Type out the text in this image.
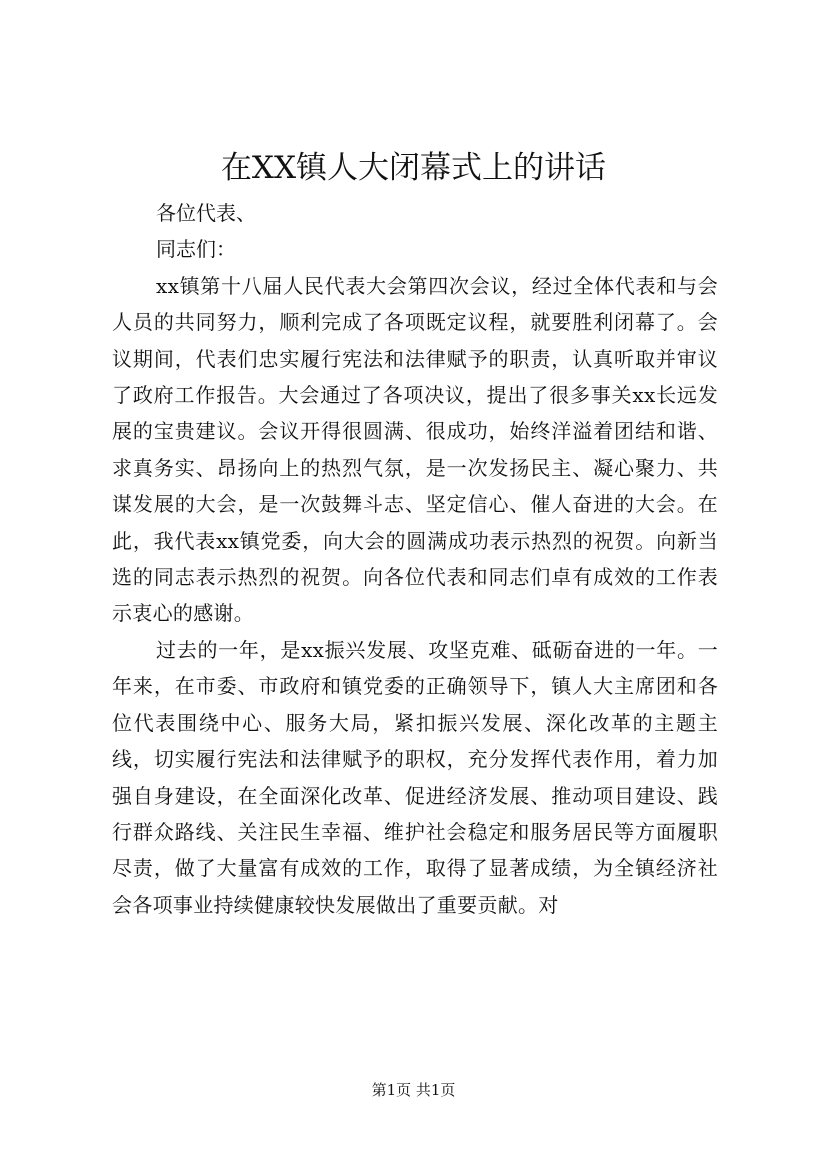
在XX镇人大闭幕式上的讲话

各位代表、

同志们：

xx镇第十八届人民代表大会第四次会议，经过全体代表和与会人员的共同努力，顺利完成了各项既定议程，就要胜利闭幕了。会议期间，代表们忠实履行宪法和法律赋予的职责，认真听取并审议了政府工作报告。大会通过了各项决议，提出了很多事关xx长远发展的宝贵建议。会议开得很圆满、很成功，始终洋溢着团结和谐、求真务实、昂扬向上的热烈气氛，是一次发扬民主、凝心聚力、共谋发展的大会，是一次鼓舞斗志、坚定信心、催人奋进的大会。在此，我代表xx镇党委，向大会的圆满成功表示热烈的祝贺。向新当选的同志表示热烈的祝贺。向各位代表和同志们卓有成效的工作表示衷心的感谢。

过去的一年，是xx振兴发展、攻坚克难、砥砺奋进的一年。一年来，在市委、市政府和镇党委的正确领导下，镇人大主席团和各位代表围绕中心、服务大局，紧扣振兴发展、深化改革的主题主线，切实履行宪法和法律赋予的职权，充分发挥代表作用，着力加强自身建设，在全面深化改革、促进经济发展、推动项目建设、践行群众路线、关注民生幸福、维护社会稳定和服务居民等方面履职尽责，做了大量富有成效的工作，取得了显著成绩，为全镇经济社会各项事业持续健康较快发展做出了重要贡献。对

第1页 共1页
